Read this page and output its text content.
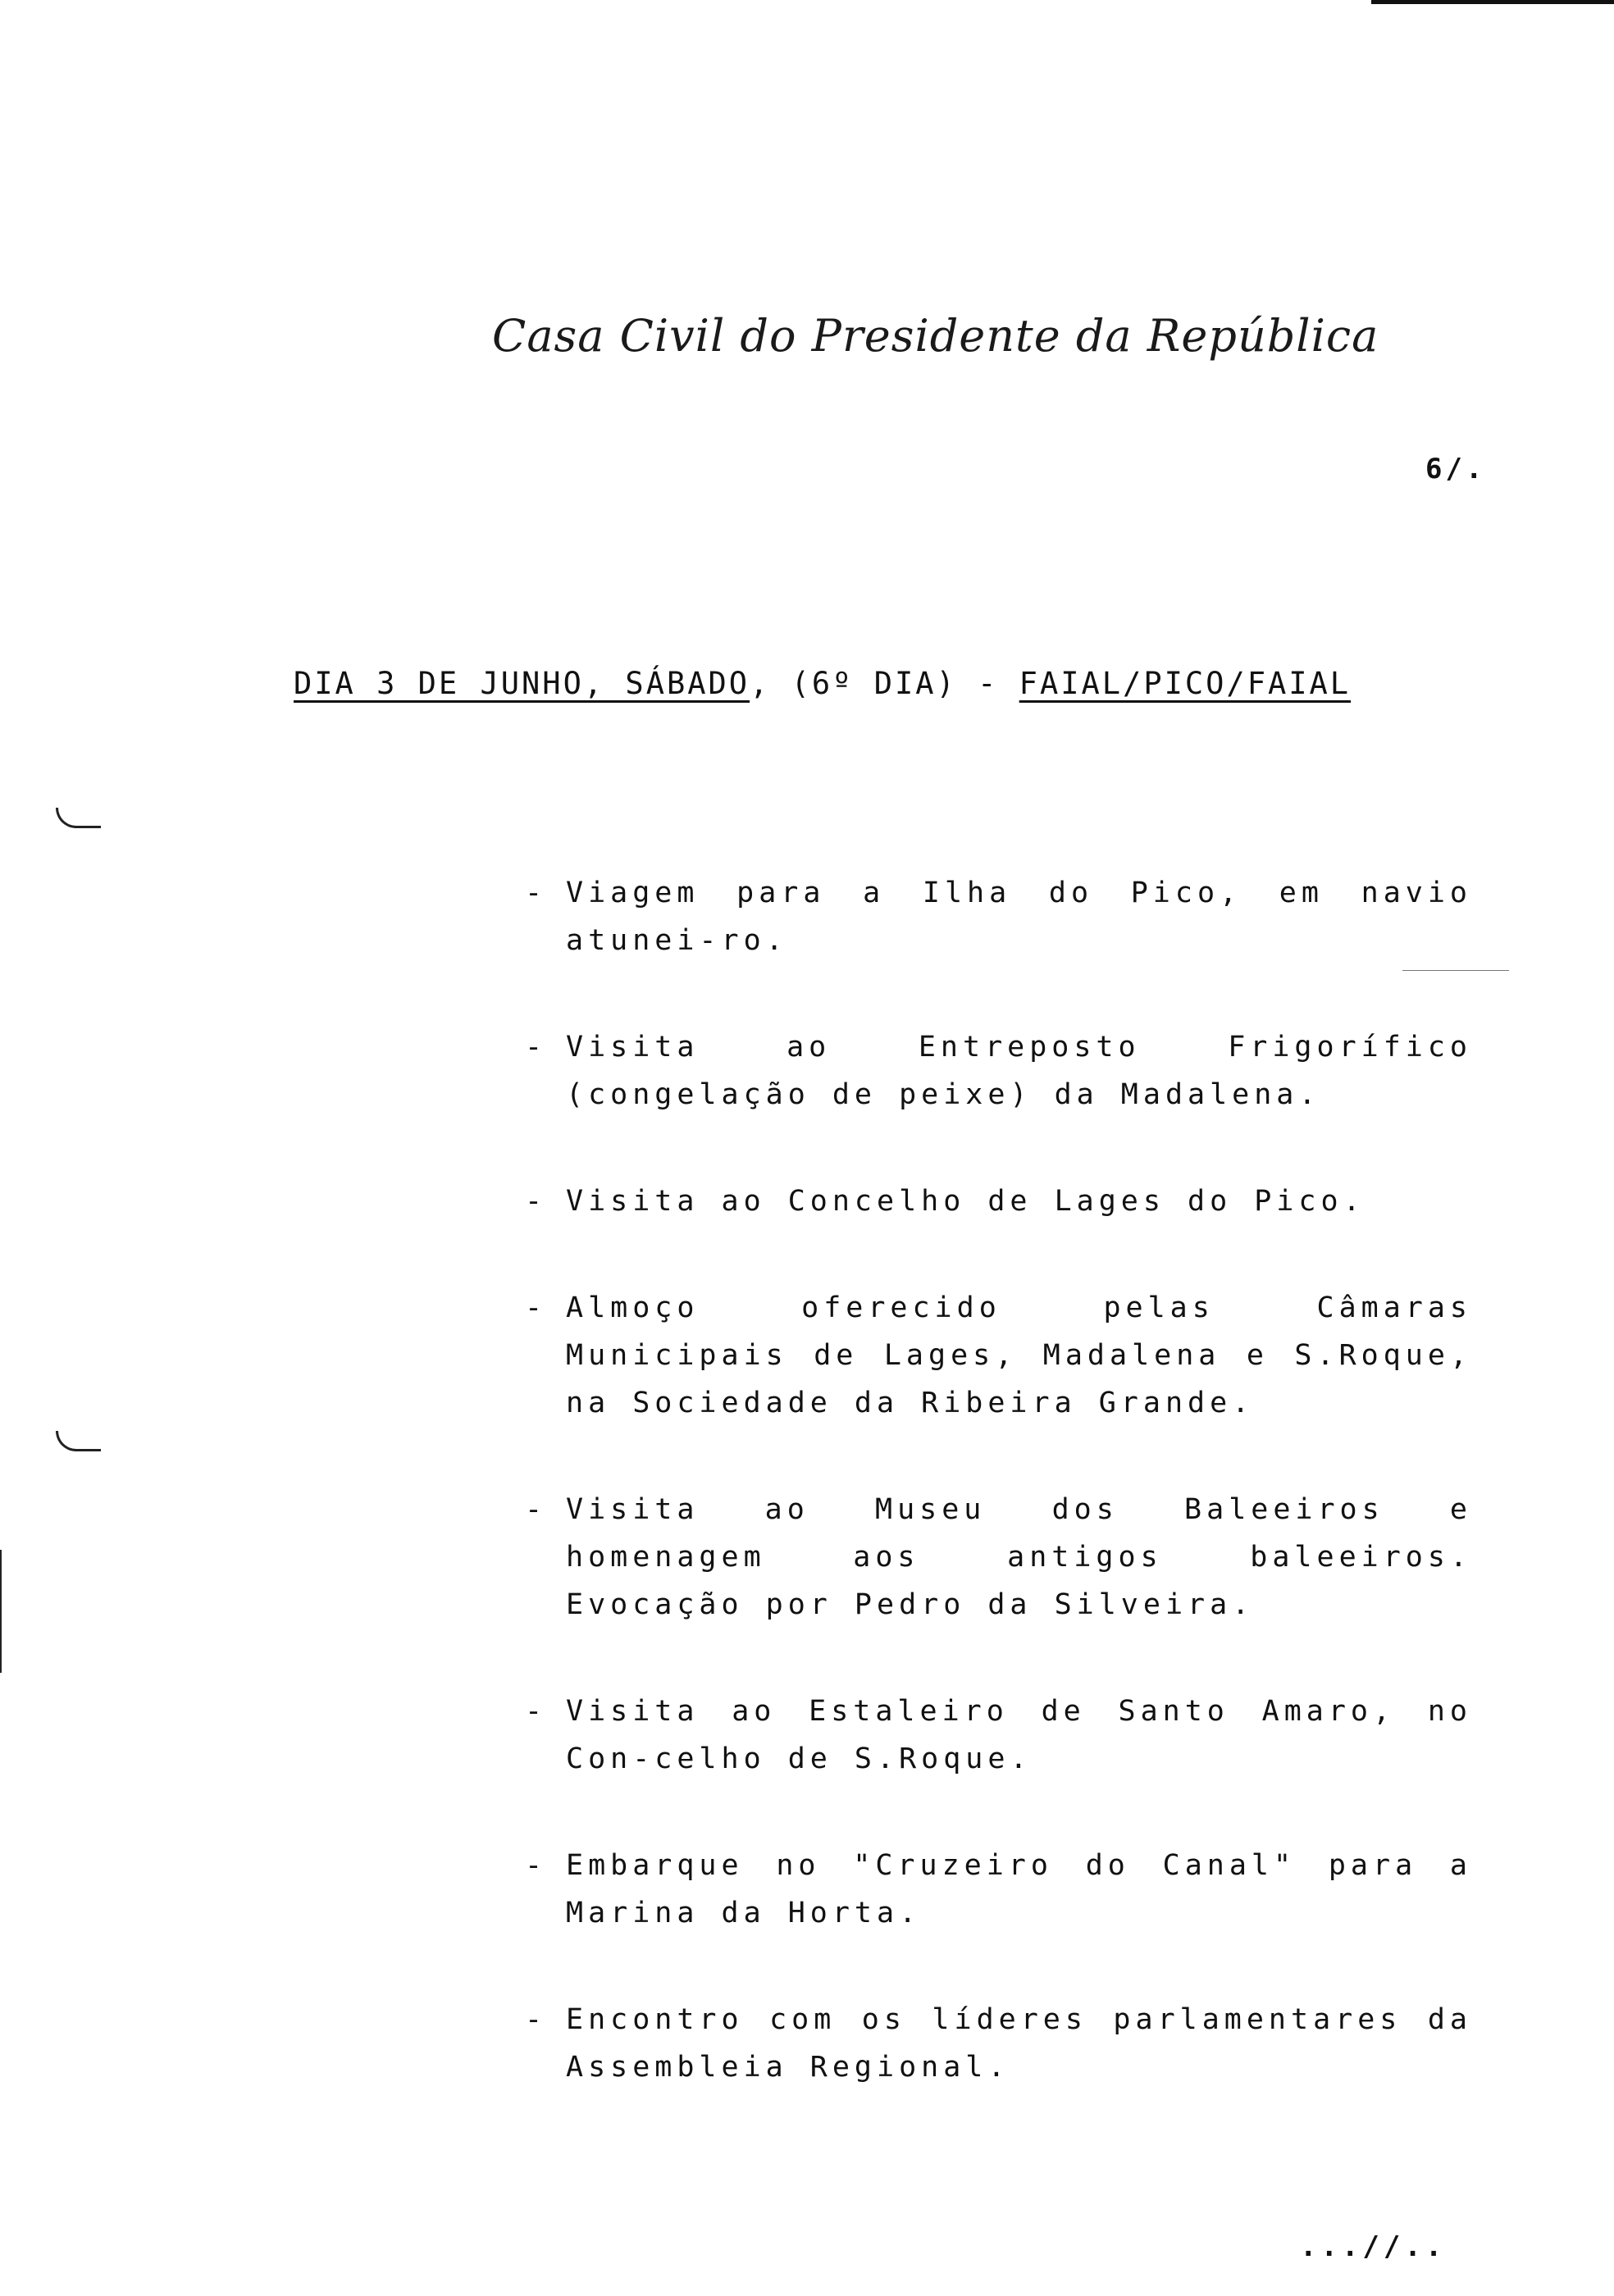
Casa Civil do Presidente da República
6/.
DIA 3 DE JUNHO, SÁBADO, (6º DIA) - FAIAL/PICO/FAIAL
- Viagem para a Ilha do Pico, em navio atunei-ro.
- Visita ao Entreposto Frigorífico (congelação de peixe) da Madalena.
- Visita ao Concelho de Lages do Pico.
- Almoço oferecido pelas Câmaras Municipais de Lages, Madalena e S.Roque, na Sociedade da Ribeira Grande.
- Visita ao Museu dos Baleeiros e homenagem aos antigos baleeiros. Evocação por Pedro da Silveira.
- Visita ao Estaleiro de Santo Amaro, no Con-celho de S.Roque.
- Embarque no "Cruzeiro do Canal" para a Marina da Horta.
- Encontro com os líderes parlamentares da Assembleia Regional.
...//..
